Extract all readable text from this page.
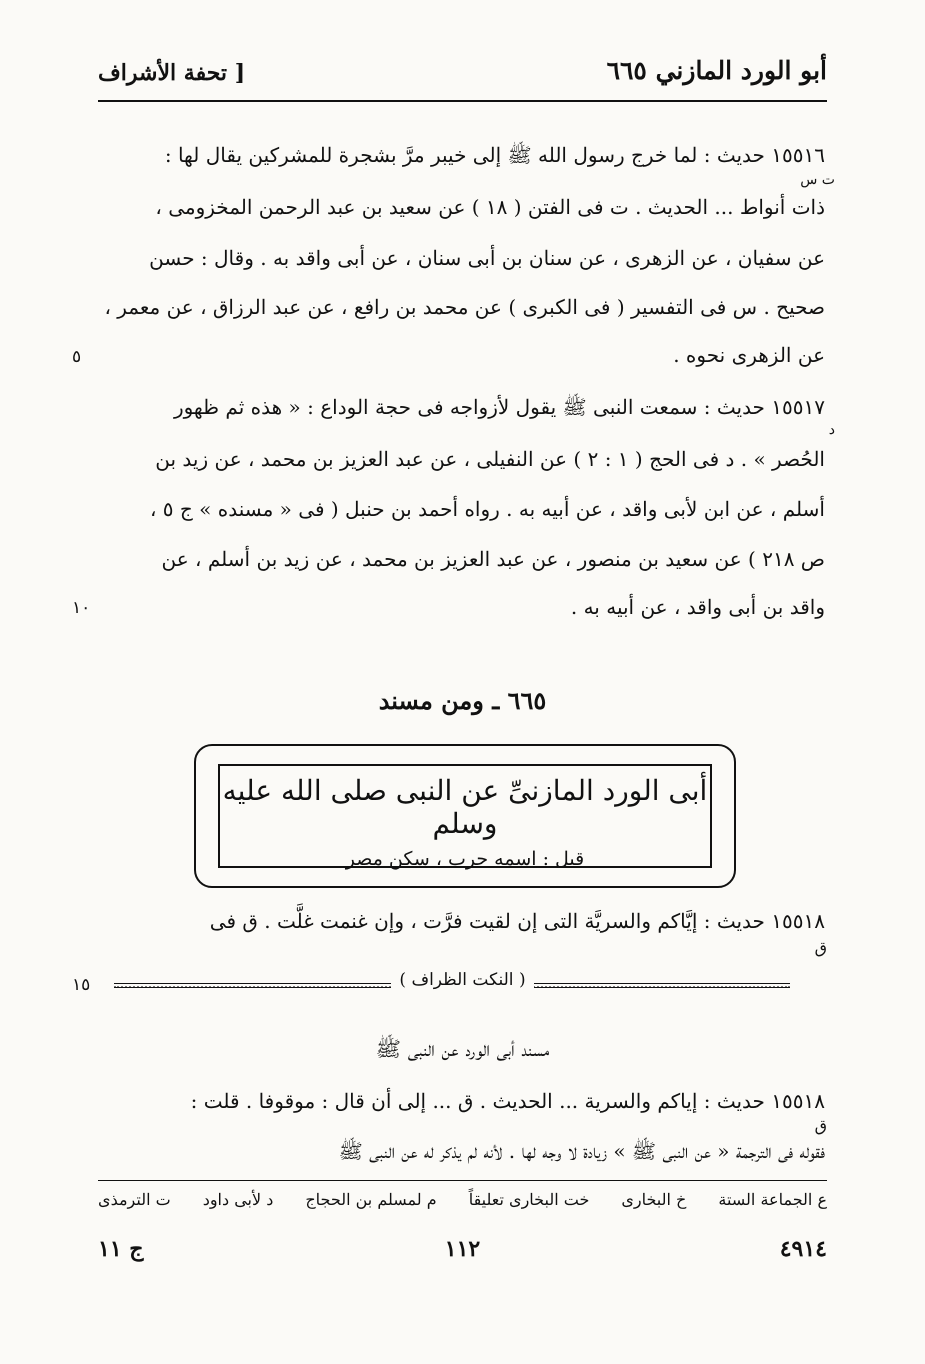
أبو الورد المازني ٦٦٥
[ تحفة الأشراف
١٥٥١٦ حديث : لما خرج رسول الله ﷺ إلى خيبر مرَّ بشجرة للمشركين يقال لها :
ت س
ذات أنواط ... الحديث . ت فى الفتن ( ١٨ ) عن سعيد بن عبد الرحمن المخزومى ،
عن سفيان ، عن الزهرى ، عن سنان بن أبى سنان ، عن أبى واقد به . وقال : حسن
صحيح . س فى التفسير ( فى الكبرى ) عن محمد بن رافع ، عن عبد الرزاق ، عن معمر ،
عن الزهرى نحوه .
٥
١٥٥١٧ حديث : سمعت النبى ﷺ يقول لأزواجه فى حجة الوداع : « هذه ثم ظهور
د
الحُصر » . د فى الحج ( ١ : ٢ ) عن النفيلى ، عن عبد العزيز بن محمد ، عن زيد بن
أسلم ، عن ابن لأبى واقد ، عن أبيه به . رواه أحمد بن حنبل ( فى « مسنده » ج ٥ ،
ص ٢١٨ ) عن سعيد بن منصور ، عن عبد العزيز بن محمد ، عن زيد بن أسلم ، عن
واقد بن أبى واقد ، عن أبيه به .
١٠
٦٦٥ ـ ومن مسند
أبى الورد المازنىِّ عن النبى صلى الله عليه وسلم
قيل : اسمه حرب ، سكن مصر
١٥٥١٨ حديث : إيَّاكم والسريَّة التى إن لقيت فرَّت ، وإن غنمت غلَّت . ق فى
ق
( النكت الظراف )
١٥
مسند أبى الورد عن النبى ﷺ
١٥٥١٨ حديث : إياكم والسرية ... الحديث . ق ... إلى أن قال : موقوفا . قلت :
ق
فقوله فى الترجمة « عن النبى ﷺ » زيادة لا وجه لها . لأنه لم يذكر له عن النبى ﷺ
ع الجماعة الستة
خ البخارى
خت البخارى تعليقاً
م لمسلم بن الحجاج
د لأبى داود
ت الترمذى
٤٩١٤
١١٢
ج ١١
